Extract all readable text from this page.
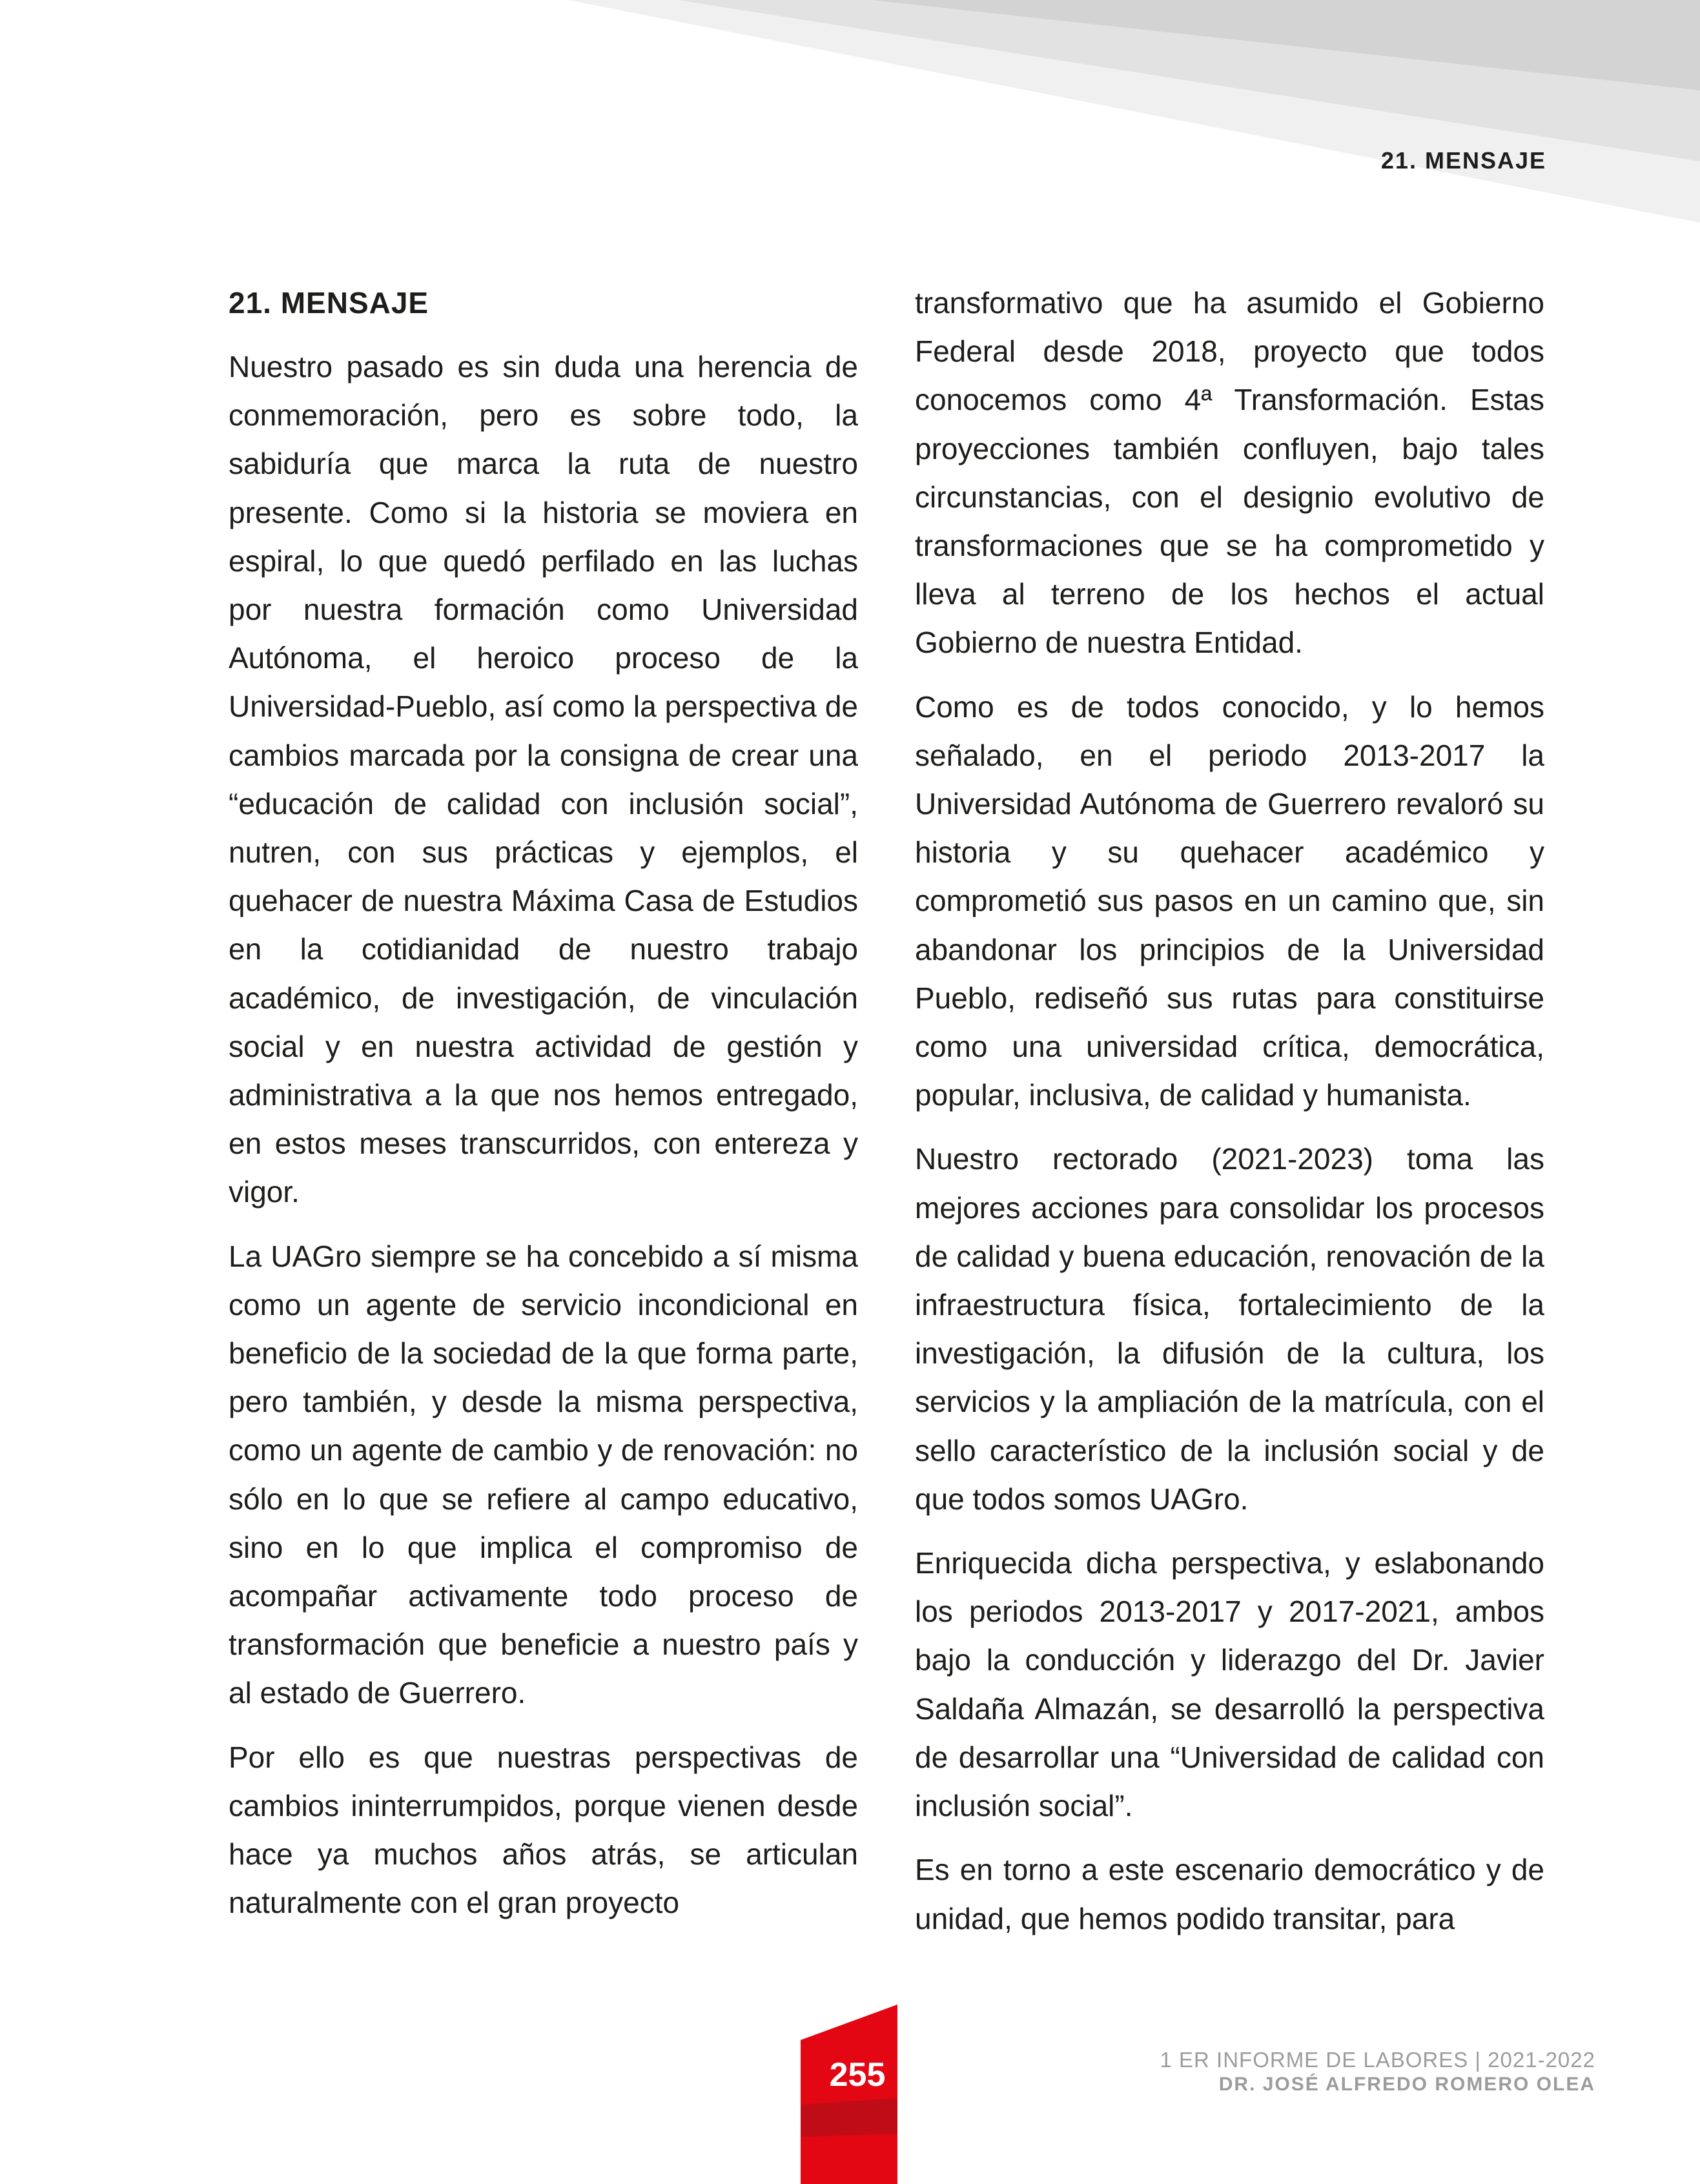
21. MENSAJE
21. MENSAJE

Nuestro pasado es sin duda una herencia de conmemoración, pero es sobre todo, la sabiduría que marca la ruta de nuestro presente. Como si la historia se moviera en espiral, lo que quedó perfilado en las luchas por nuestra formación como Universidad Autónoma, el heroico proceso de la Universidad-Pueblo, así como la perspectiva de cambios marcada por la consigna de crear una “educación de calidad con inclusión social”, nutren, con sus prácticas y ejemplos, el quehacer de nuestra Máxima Casa de Estudios en la cotidianidad de nuestro trabajo académico, de investigación, de vinculación social y en nuestra actividad de gestión y administrativa a la que nos hemos entregado, en estos meses transcurridos, con entereza y vigor.

La UAGro siempre se ha concebido a sí misma como un agente de servicio incondicional en beneficio de la sociedad de la que forma parte, pero también, y desde la misma perspectiva, como un agente de cambio y de renovación: no sólo en lo que se refiere al campo educativo, sino en lo que implica el compromiso de acompañar activamente todo proceso de transformación que beneficie a nuestro país y al estado de Guerrero.

Por ello es que nuestras perspectivas de cambios ininterrumpidos, porque vienen desde hace ya muchos años atrás, se articulan naturalmente con el gran proyecto

transformativo que ha asumido el Gobierno Federal desde 2018, proyecto que todos conocemos como 4ª Transformación. Estas proyecciones también confluyen, bajo tales circunstancias, con el designio evolutivo de transformaciones que se ha comprometido y lleva al terreno de los hechos el actual Gobierno de nuestra Entidad.

Como es de todos conocido, y lo hemos señalado, en el periodo 2013-2017 la Universidad Autónoma de Guerrero revaloró su historia y su quehacer académico y comprometió sus pasos en un camino que, sin abandonar los principios de la Universidad Pueblo, rediseñó sus rutas para constituirse como una universidad crítica, democrática, popular, inclusiva, de calidad y humanista.

Nuestro rectorado (2021-2023) toma las mejores acciones para consolidar los procesos de calidad y buena educación, renovación de la infraestructura física, fortalecimiento de la investigación, la difusión de la cultura, los servicios y la ampliación de la matrícula, con el sello característico de la inclusión social y de que todos somos UAGro.

Enriquecida dicha perspectiva, y eslabonando los periodos 2013-2017 y 2017-2021, ambos bajo la conducción y liderazgo del Dr. Javier Saldaña Almazán, se desarrolló la perspectiva de desarrollar una “Universidad de calidad con inclusión social”.

Es en torno a este escenario democrático y de unidad, que hemos podido transitar, para

255	1 ER INFORME DE LABORES | 2021-2022
DR. JOSÉ ALFREDO ROMERO OLEA
